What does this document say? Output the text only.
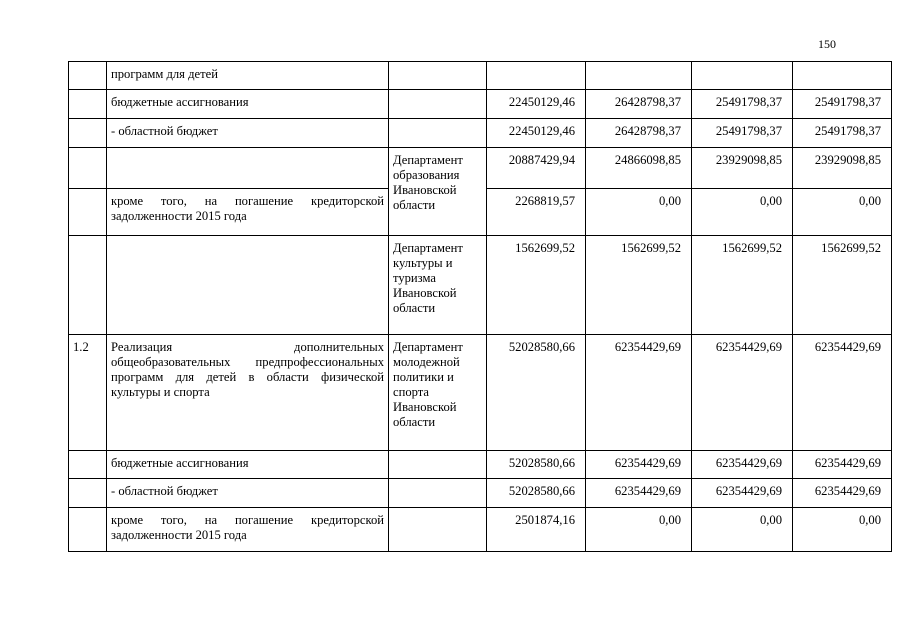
150
	программ для детей					
	бюджетные ассигнования		22450129,46	26428798,37	25491798,37	25491798,37
	- областной бюджет		22450129,46	26428798,37	25491798,37	25491798,37
		Департамент образования Ивановской области	20887429,94	24866098,85	23929098,85	23929098,85
	кроме того, на погашение кредиторской задолженности 2015 года		2268819,57	0,00	0,00	0,00
		Департамент культуры и туризма Ивановской области	1562699,52	1562699,52	1562699,52	1562699,52
1.2	Реализация дополнительных общеобразовательных предпрофессиональных программ для детей в области физической культуры и спорта	Департамент молодежной политики и спорта Ивановской области	52028580,66	62354429,69	62354429,69	62354429,69
	бюджетные ассигнования		52028580,66	62354429,69	62354429,69	62354429,69
	- областной бюджет		52028580,66	62354429,69	62354429,69	62354429,69
	кроме того, на погашение кредиторской задолженности 2015 года		2501874,16	0,00	0,00	0,00
